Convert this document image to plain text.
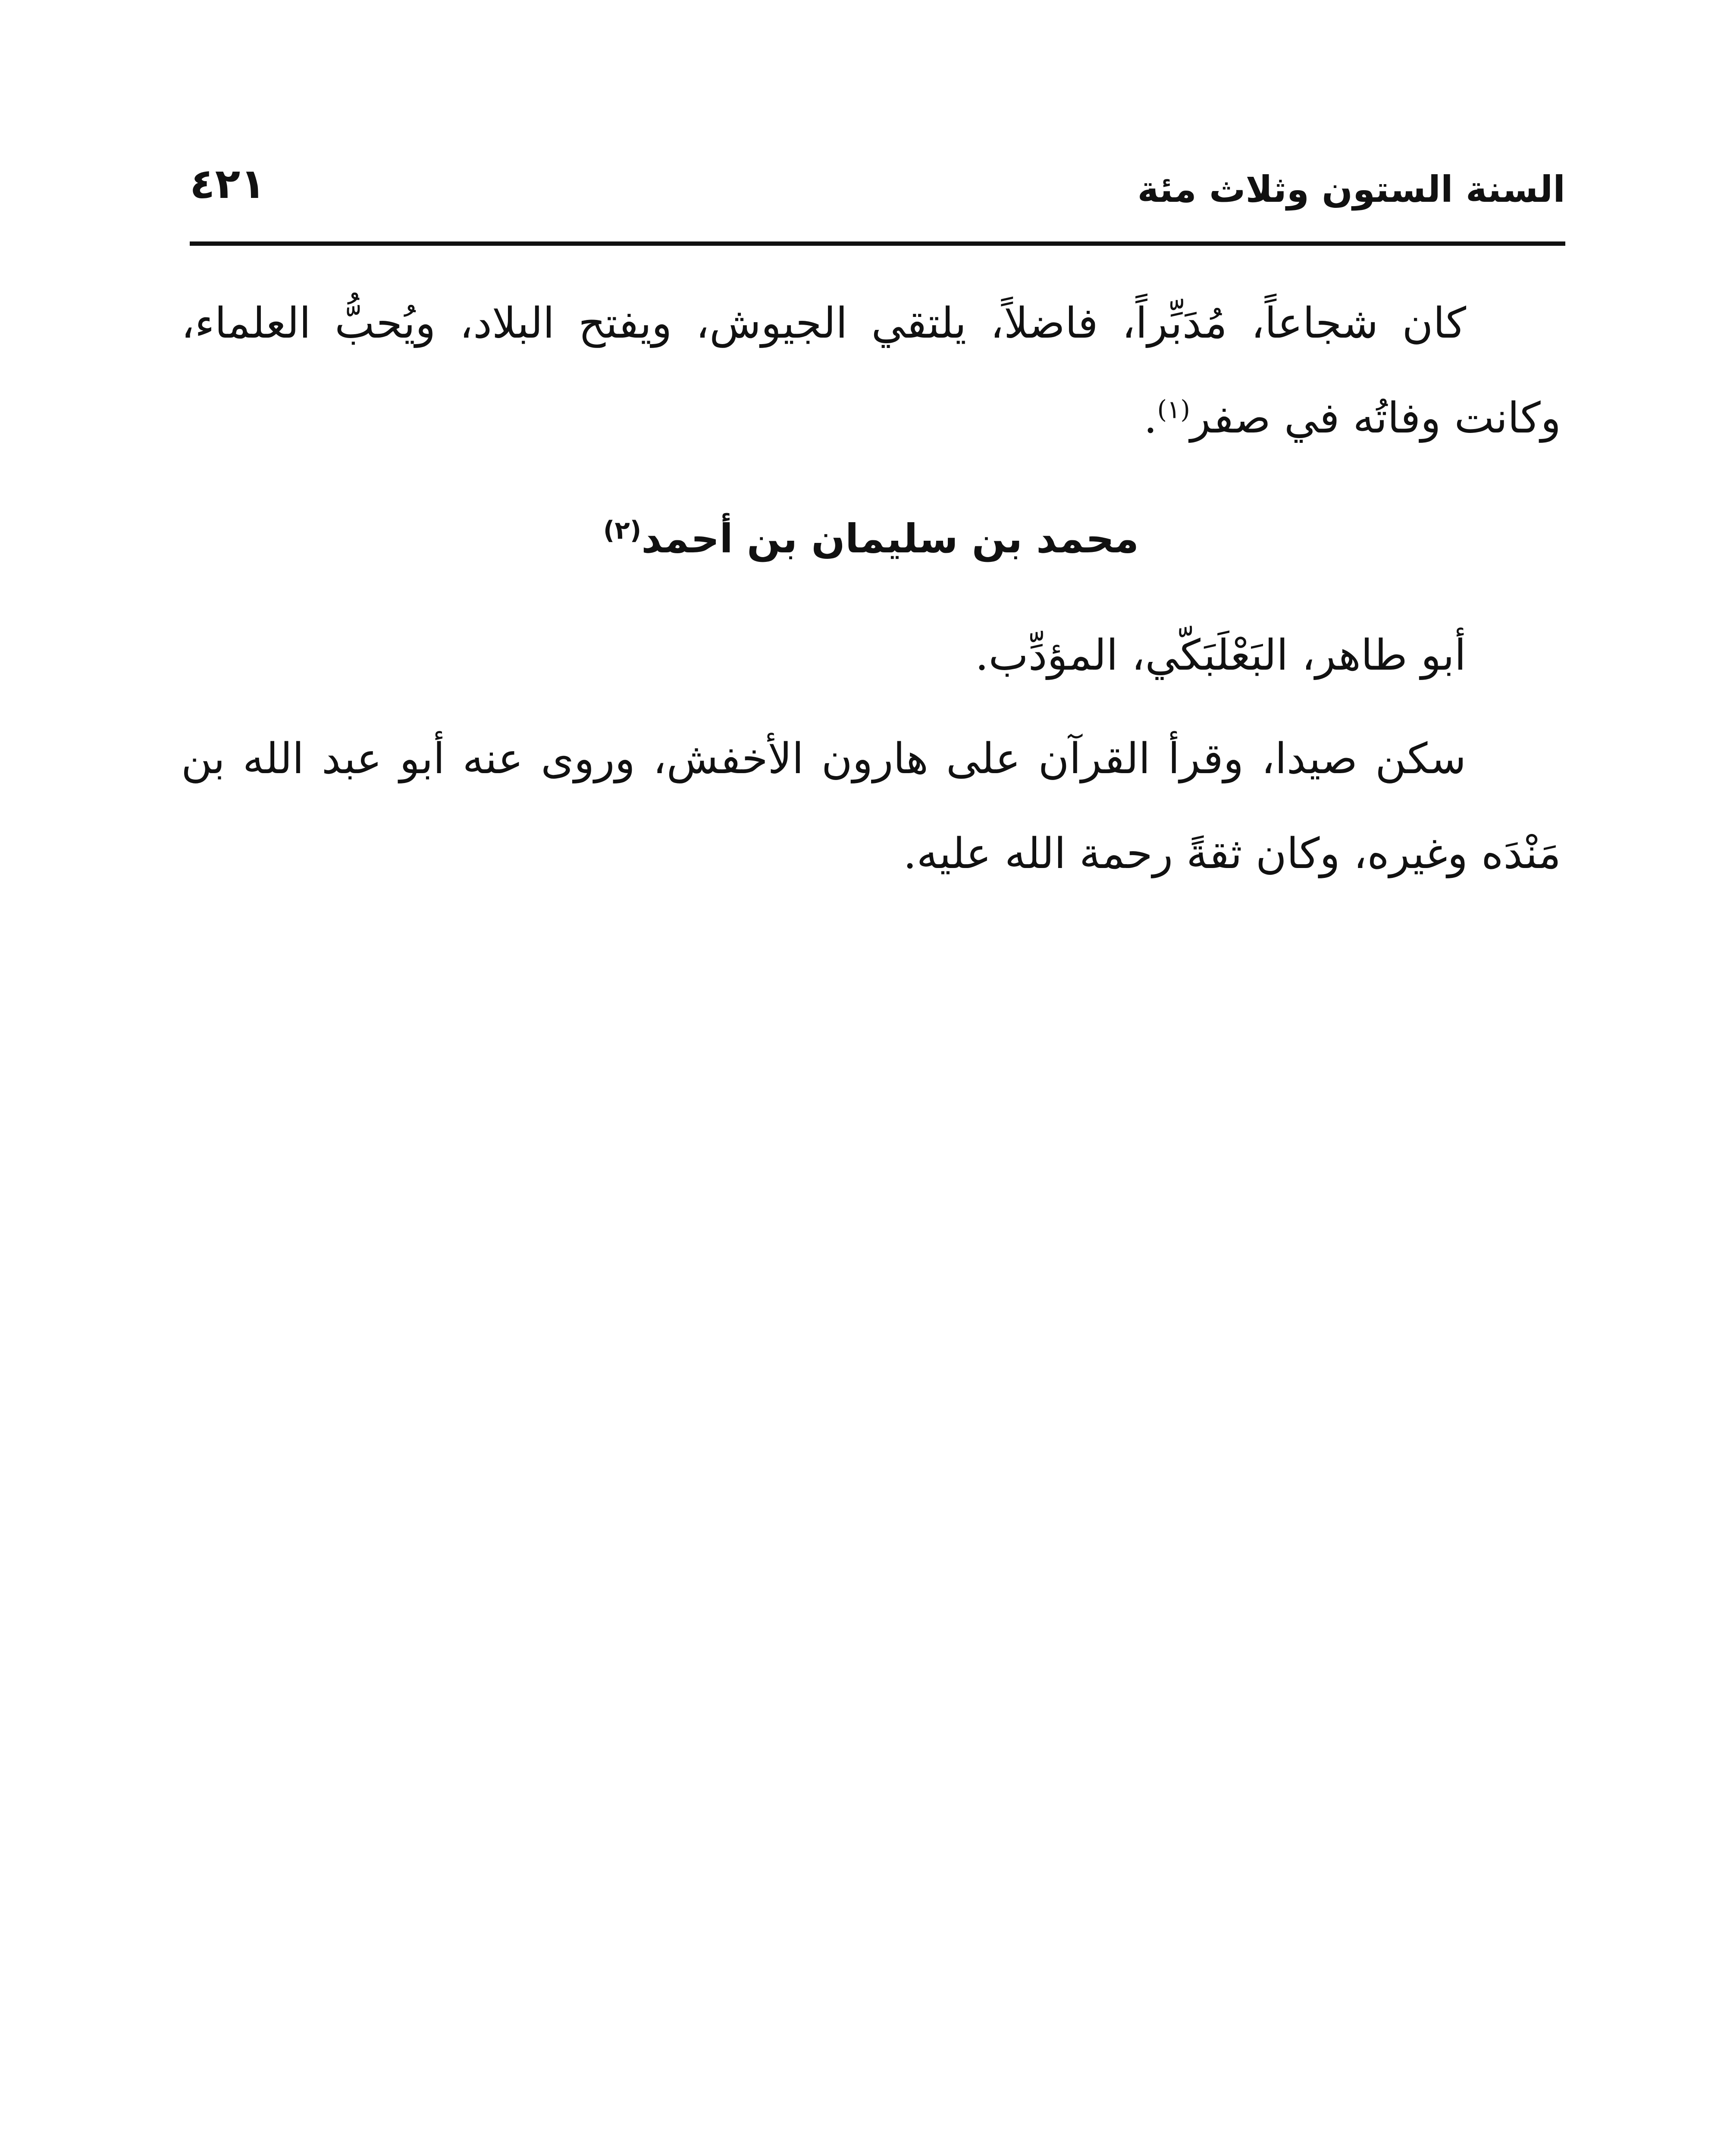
السنة الستون وثلاث مئة
٤٢١

كان شجاعاً، مُدَبِّراً، فاضلاً، يلتقي الجيوش، ويفتح البلاد، ويُحبُّ العلماء، وكانت وفاتُه في صفر$^{(١)}$.

محمد بن سليمان بن أحمد$^{(٢)}$

أبو طاهر، البَعْلَبَكّي، المؤدِّب.

سكن صيدا، وقرأ القرآن على هارون الأخفش، وروى عنه أبو عبد الله بن مَنْدَه وغيره، وكان ثقةً رحمة الله عليه.
